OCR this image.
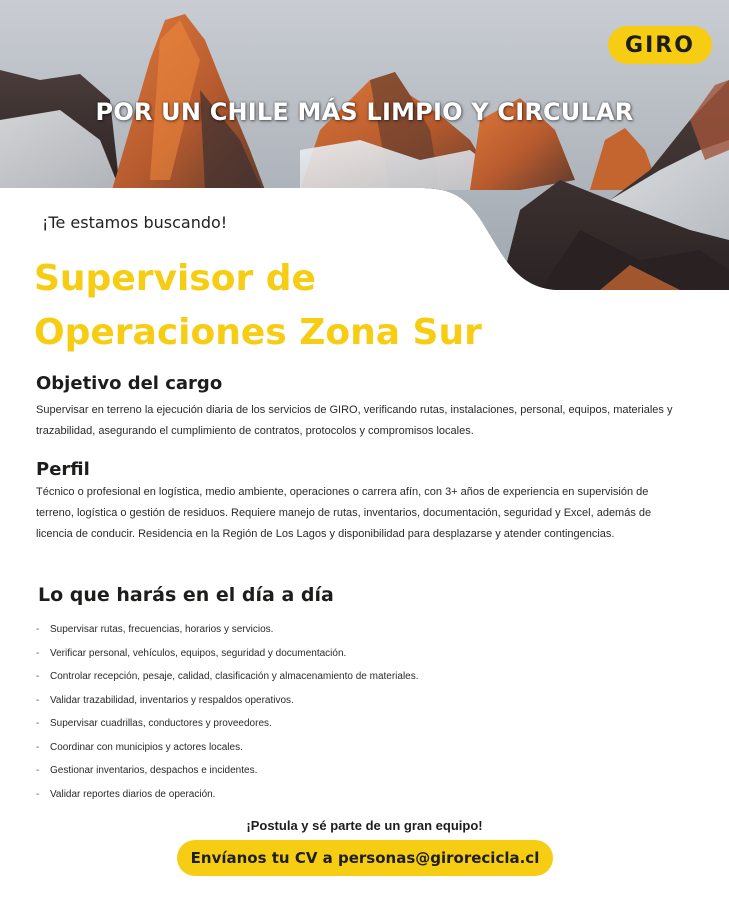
GIRO
POR UN CHILE MÁS LIMPIO Y CIRCULAR
¡Te estamos buscando!
Supervisor de
Operaciones Zona Sur
Objetivo del cargo

Supervisar en terreno la ejecución diaria de los servicios de GIRO, verificando rutas, instalaciones, personal, equipos, materiales y trazabilidad, asegurando el cumplimiento de contratos, protocolos y compromisos locales.

Perfil

Técnico o profesional en logística, medio ambiente, operaciones o carrera afín, con 3+ años de experiencia en supervisión de terreno, logística o gestión de residuos. Requiere manejo de rutas, inventarios, documentación, seguridad y Excel, además de licencia de conducir. Residencia en la Región de Los Lagos y disponibilidad para desplazarse y atender contingencias.

Lo que harás en el día a día
- Supervisar rutas, frecuencias, horarios y servicios.
- Verificar personal, vehículos, equipos, seguridad y documentación.
- Controlar recepción, pesaje, calidad, clasificación y almacenamiento de materiales.
- Validar trazabilidad, inventarios y respaldos operativos.
- Supervisar cuadrillas, conductores y proveedores.
- Coordinar con municipios y actores locales.
- Gestionar inventarios, despachos e incidentes.
- Validar reportes diarios de operación.
¡Postula y sé parte de un gran equipo!
Envíanos tu CV a personas@girorecicla.cl
